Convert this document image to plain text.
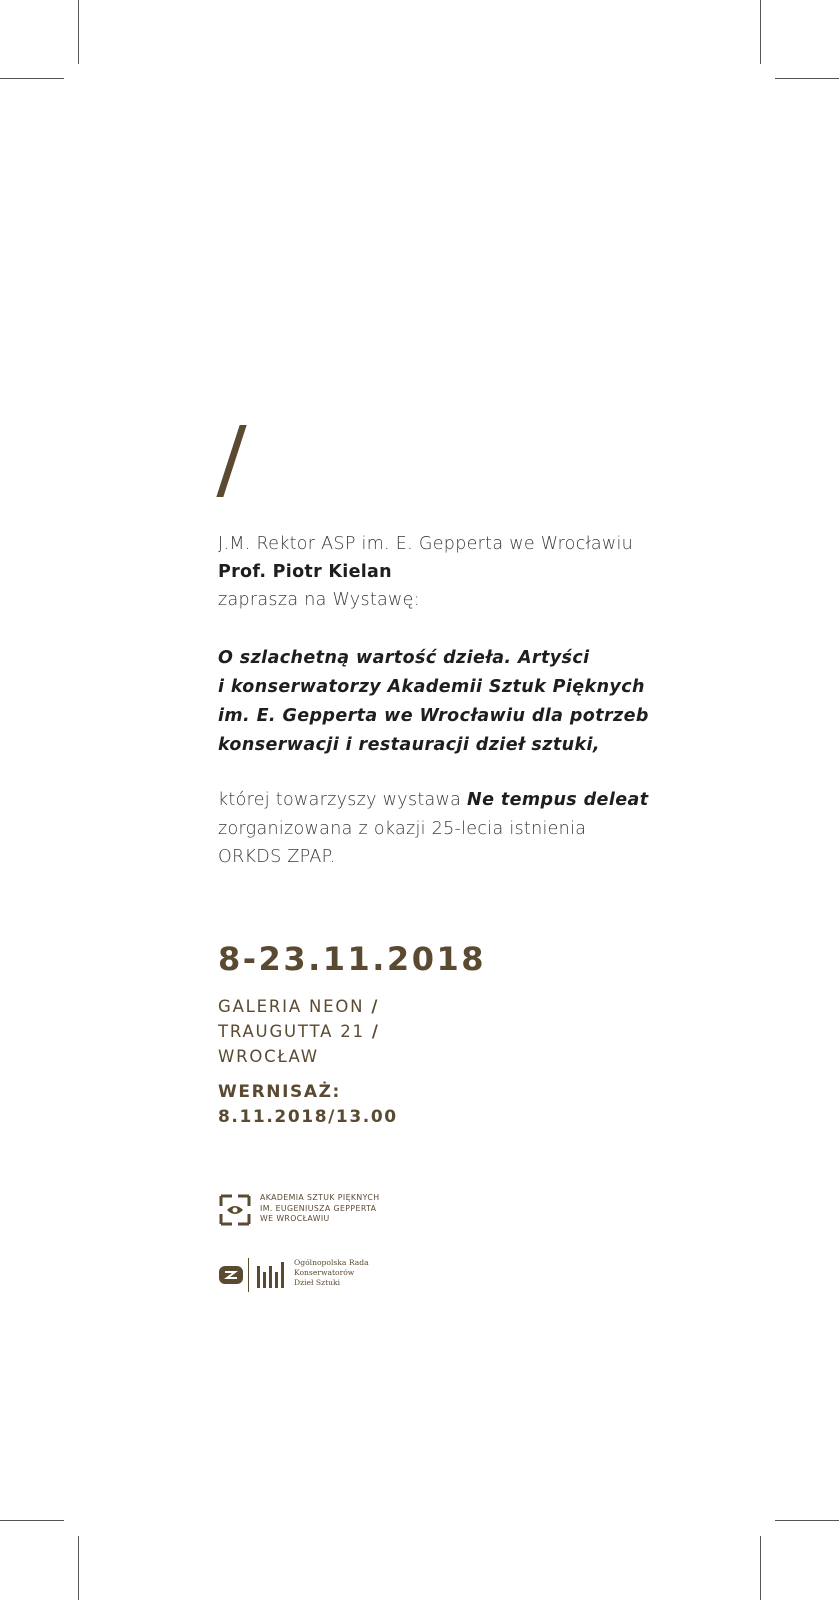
J.M. Rektor ASP im. E. Gepperta we Wrocławiu
Prof. Piotr Kielan
zaprasza na Wystawę:
O szlachetną wartość dzieła. Artyści
i konserwatorzy Akademii Sztuk Pięknych
im. E. Gepperta we Wrocławiu dla potrzeb
konserwacji i restauracji dzieł sztuki,
której towarzyszy wystawa Ne tempus deleat
zorganizowana z okazji 25-lecia istnienia
ORKDS ZPAP.
8-23.11.2018
GALERIA NEON /
TRAUGUTTA 21 /
WROCŁAW
WERNISAŻ:
8.11.2018/13.00
AKADEMIA SZTUK PIĘKNYCH
IM. EUGENIUSZA GEPPERTA
WE WROCŁAWIU
Ogólnopolska Rada
Konserwatorów
Dzieł Sztuki
